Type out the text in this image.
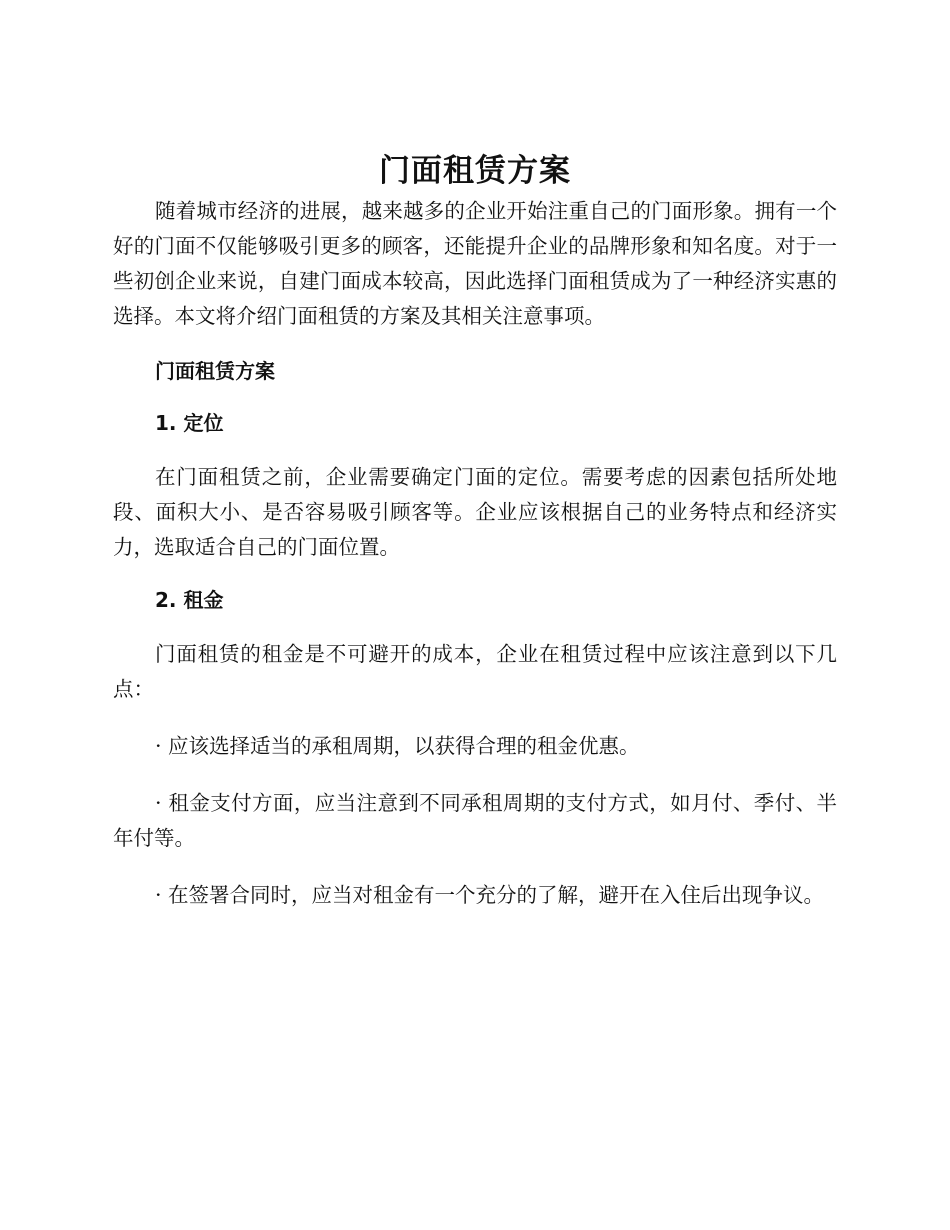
门面租赁方案

随着城市经济的进展，越来越多的企业开始注重自己的门面形象。拥有一个好的门面不仅能够吸引更多的顾客，还能提升企业的品牌形象和知名度。对于一些初创企业来说，自建门面成本较高，因此选择门面租赁成为了一种经济实惠的选择。本文将介绍门面租赁的方案及其相关注意事项。

门面租赁方案
1. 定位

在门面租赁之前，企业需要确定门面的定位。需要考虑的因素包括所处地段、面积大小、是否容易吸引顾客等。企业应该根据自己的业务特点和经济实力，选取适合自己的门面位置。

2. 租金

门面租赁的租金是不可避开的成本，企业在租赁过程中应该注意到以下几点：

· 应该选择适当的承租周期，以获得合理的租金优惠。

· 租金支付方面，应当注意到不同承租周期的支付方式，如月付、季付、半年付等。

· 在签署合同时，应当对租金有一个充分的了解，避开在入住后出现争议。
